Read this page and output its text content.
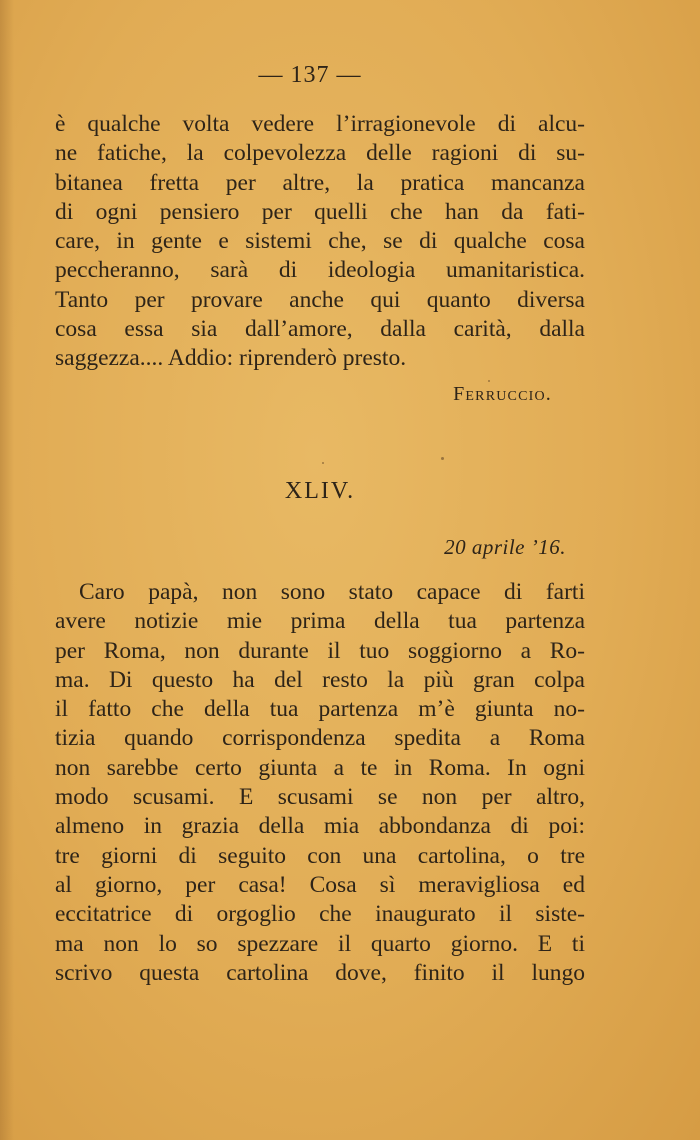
— 137 —
è qualche volta vedere l’irragionevole di alcu-
ne fatiche, la colpevolezza delle ragioni di su-
bitanea fretta per altre, la pratica mancanza
di ogni pensiero per quelli che han da fati-
care, in gente e sistemi che, se di qualche cosa
peccheranno, sarà di ideologia umanitaristica.
Tanto per provare anche qui quanto diversa
cosa essa sia dall’amore, dalla carità, dalla
saggezza.... Addio: riprenderò presto.
Ferruccio.
XLIV.
20 aprile ’16.
Caro papà, non sono stato capace di farti
avere notizie mie prima della tua partenza
per Roma, non durante il tuo soggiorno a Ro-
ma. Di questo ha del resto la più gran colpa
il fatto che della tua partenza m’è giunta no-
tizia quando corrispondenza spedita a Roma
non sarebbe certo giunta a te in Roma. In ogni
modo scusami. E scusami se non per altro,
almeno in grazia della mia abbondanza di poi:
tre giorni di seguito con una cartolina, o tre
al giorno, per casa! Cosa sì meravigliosa ed
eccitatrice di orgoglio che inaugurato il siste-
ma non lo so spezzare il quarto giorno. E ti
scrivo questa cartolina dove, finito il lungo
